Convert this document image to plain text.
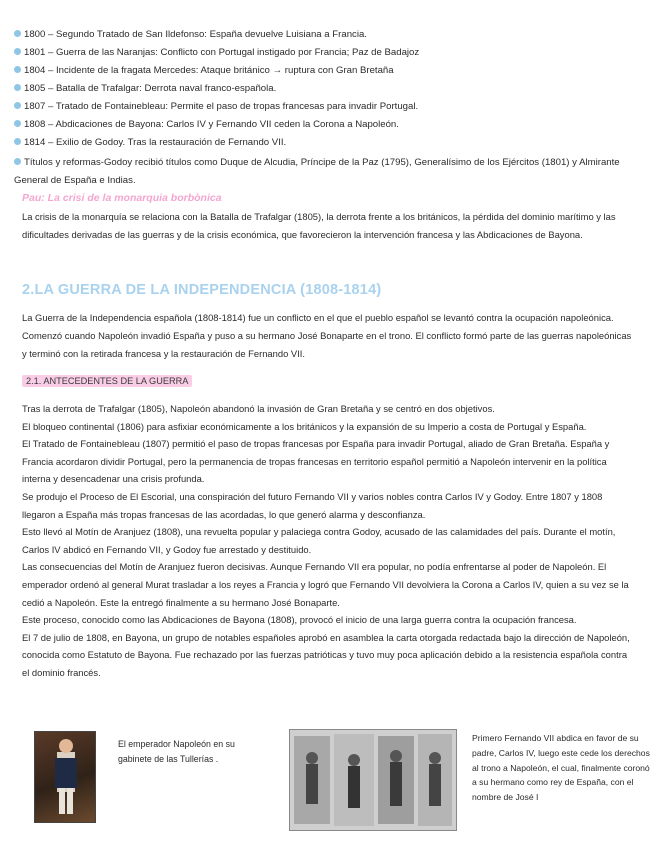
1800 – Segundo Tratado de San Ildefonso: España devuelve Luisiana a Francia.
1801 – Guerra de las Naranjas: Conflicto con Portugal instigado por Francia; Paz de Badajoz
1804 – Incidente de la fragata Mercedes: Ataque británico → ruptura con Gran Bretaña
1805 – Batalla de Trafalgar: Derrota naval franco-española.
1807 – Tratado de Fontainebleau: Permite el paso de tropas francesas para invadir Portugal.
1808 – Abdicaciones de Bayona: Carlos IV y Fernando VII ceden la Corona a Napoleón.
1814 – Exilio de Godoy. Tras la restauración de Fernando VII.
Títulos y reformas-Godoy recibió títulos como Duque de Alcudia, Príncipe de la Paz (1795), Generalísimo de los Ejércitos (1801) y Almirante General de España e Indias.
Pau: La crisi de la monarquia borbònica
La crisis de la monarquía se relaciona con la Batalla de Trafalgar (1805), la derrota frente a los británicos, la pérdida del dominio marítimo y las dificultades derivadas de las guerras y de la crisis económica, que favorecieron la intervención francesa y las Abdicaciones de Bayona.
2.LA GUERRA DE LA INDEPENDENCIA (1808-1814)
La Guerra de la Independencia española (1808-1814) fue un conflicto en el que el pueblo español se levantó contra la ocupación napoleónica. Comenzó cuando Napoleón invadió España y puso a su hermano José Bonaparte en el trono. El conflicto formó parte de las guerras napoleónicas y terminó con la retirada francesa y la restauración de Fernando VII.
2.1. ANTECEDENTES DE LA GUERRA

Tras la derrota de Trafalgar (1805), Napoleón abandonó la invasión de Gran Bretaña y se centró en dos objetivos.

El bloqueo continental (1806) para asfixiar económicamente a los británicos y la expansión de su Imperio a costa de Portugal y España.

El Tratado de Fontainebleau (1807) permitió el paso de tropas francesas por España para invadir Portugal, aliado de Gran Bretaña. España y Francia acordaron dividir Portugal, pero la permanencia de tropas francesas en territorio español permitió a Napoleón intervenir en la política interna y desencadenar una crisis profunda.

Se produjo el Proceso de El Escorial, una conspiración del futuro Fernando VII y varios nobles contra Carlos IV y Godoy. Entre 1807 y 1808 llegaron a España más tropas francesas de las acordadas, lo que generó alarma y desconfianza.

Esto llevó al Motín de Aranjuez (1808), una revuelta popular y palaciega contra Godoy, acusado de las calamidades del país. Durante el motín, Carlos IV abdicó en Fernando VII, y Godoy fue arrestado y destituido.

Las consecuencias del Motín de Aranjuez fueron decisivas. Aunque Fernando VII era popular, no podía enfrentarse al poder de Napoleón. El emperador ordenó al general Murat trasladar a los reyes a Francia y logró que Fernando VII devolviera la Corona a Carlos IV, quien a su vez se la cedió a Napoleón. Este la entregó finalmente a su hermano José Bonaparte.

Este proceso, conocido como las Abdicaciones de Bayona (1808), provocó el inicio de una larga guerra contra la ocupación francesa.

El 7 de julio de 1808, en Bayona, un grupo de notables españoles aprobó en asamblea la carta otorgada redactada bajo la dirección de Napoleón, conocida como Estatuto de Bayona. Fue rechazado por las fuerzas patrióticas y tuvo muy poca aplicación debido a la resistencia española contra el dominio francés.

El emperador Napoleón en su gabinete de las Tullerías .
Primero Fernando VII abdica en favor de su padre, Carlos IV, luego este cede los derechos al trono a Napoleón, el cual, finalmente coronó a su hermano como rey de España, con el nombre de José I
